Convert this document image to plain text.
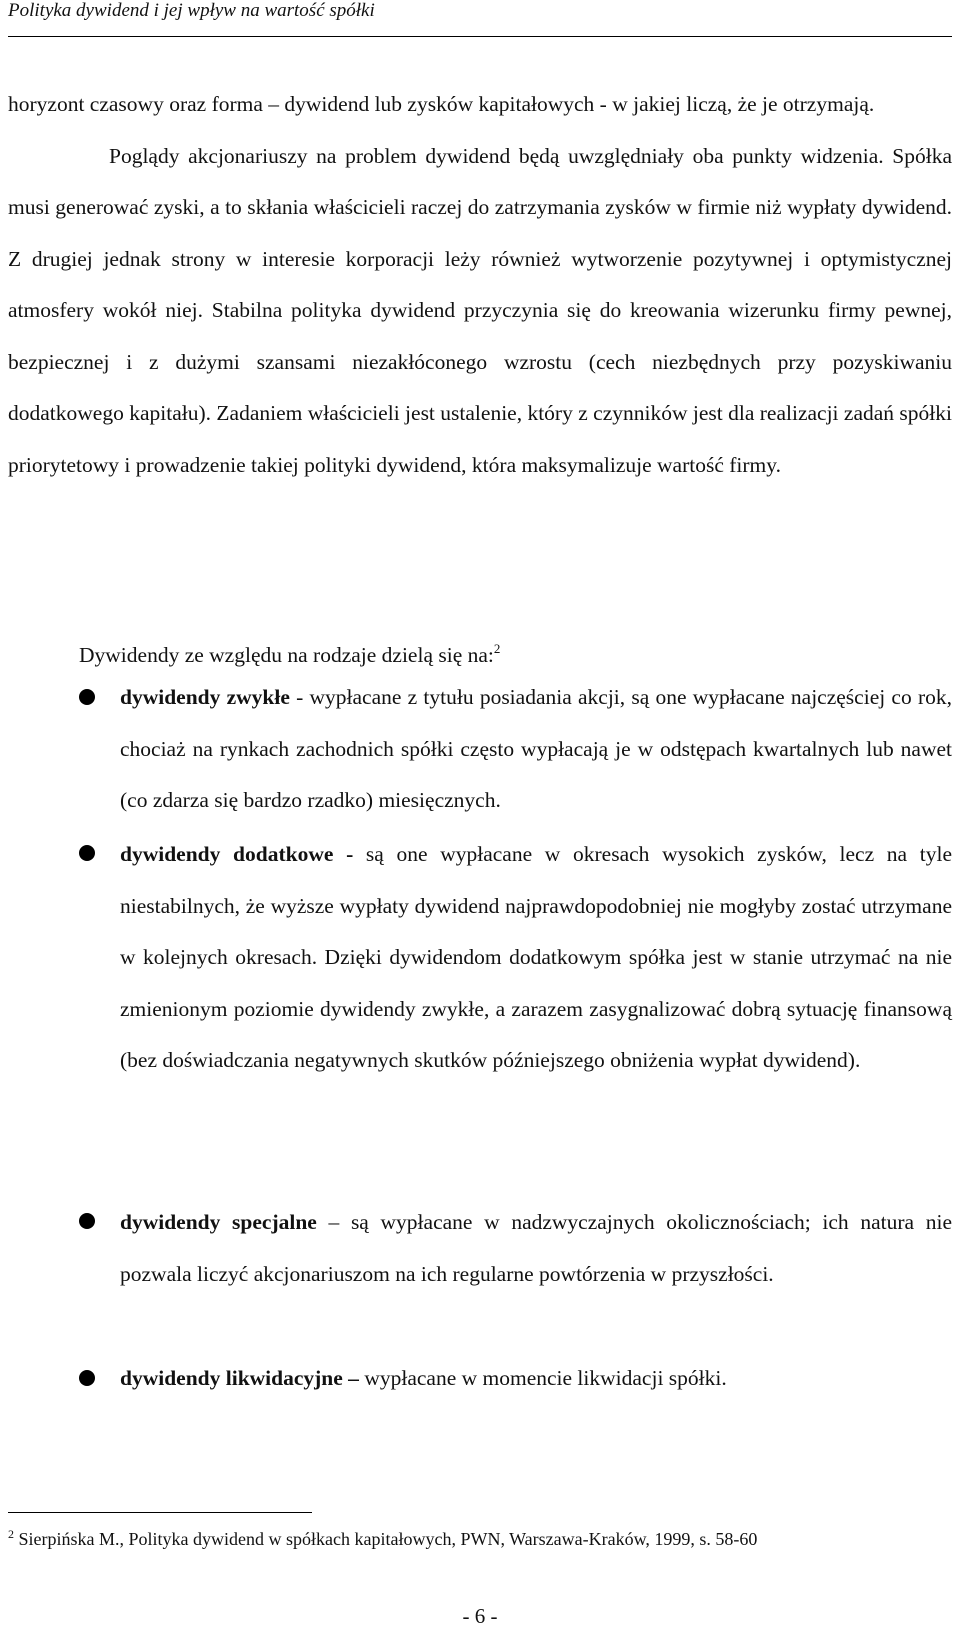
Polityka dywidend i jej wpływ na wartość spółki

horyzont czasowy oraz forma – dywidend lub zysków kapitałowych - w jakiej liczą, że je otrzymają.

Poglądy akcjonariuszy na problem dywidend będą uwzględniały oba punkty widzenia. Spółka musi generować zyski, a to skłania właścicieli raczej do zatrzymania zysków w firmie niż wypłaty dywidend. Z drugiej jednak strony w interesie korporacji leży również wytworzenie pozytywnej i optymistycznej atmosfery wokół niej. Stabilna polityka dywidend przyczynia się do kreowania wizerunku firmy pewnej, bezpiecznej i z dużymi szansami niezakłóconego wzrostu (cech niezbędnych przy pozyskiwaniu dodatkowego kapitału). Zadaniem właścicieli jest ustalenie, który z czynników jest dla realizacji zadań spółki priorytetowy i prowadzenie takiej polityki dywidend, która maksymalizuje wartość firmy.

Dywidendy ze względu na rodzaje dzielą się na:$^2$
dywidendy zwykłe - wypłacane z tytułu posiadania akcji, są one wypłacane najczęściej co rok, chociaż na rynkach zachodnich spółki często wypłacają je w odstępach kwartalnych lub nawet (co zdarza się bardzo rzadko) miesięcznych.
dywidendy dodatkowe - są one wypłacane w okresach wysokich zysków, lecz na tyle niestabilnych, że wyższe wypłaty dywidend najprawdopodobniej nie mogłyby zostać utrzymane w kolejnych okresach. Dzięki dywidendom dodatkowym spółka jest w stanie utrzymać na nie zmienionym poziomie dywidendy zwykłe, a zarazem zasygnalizować dobrą sytuację finansową (bez doświadczania negatywnych skutków późniejszego obniżenia wypłat dywidend).
dywidendy specjalne – są wypłacane w nadzwyczajnych okolicznościach; ich natura nie pozwala liczyć akcjonariuszom na ich regularne powtórzenia w przyszłości.
dywidendy likwidacyjne – wypłacane w momencie likwidacji spółki.
$^2$ Sierpińska M., Polityka dywidend w spółkach kapitałowych, PWN, Warszawa-Kraków, 1999, s. 58-60
- 6 -
